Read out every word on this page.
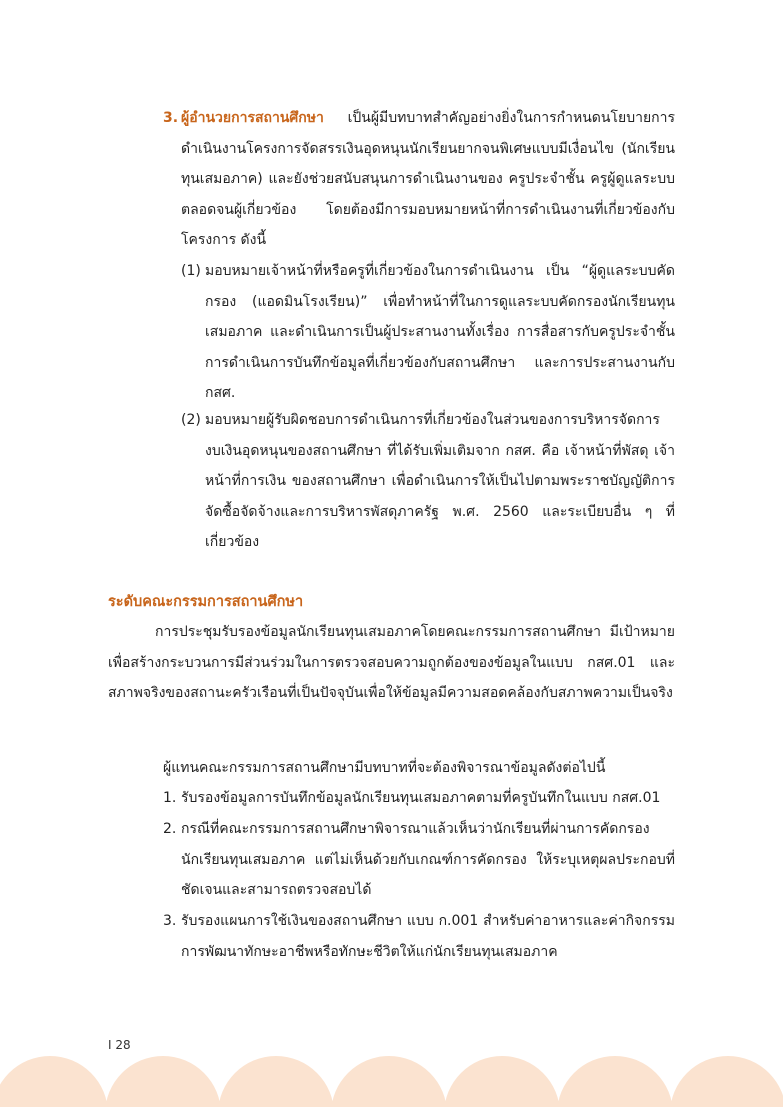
3. ผู้อำนวยการสถานศึกษา เป็นผู้มีบทบาทสำคัญอย่างยิ่งในการกำหนดนโยบายการดำเนินงานโครงการจัดสรรเงินอุดหนุนนักเรียนยากจนพิเศษแบบมีเงื่อนไข (นักเรียนทุนเสมอภาค) และยังช่วยสนับสนุนการดำเนินงานของ ครูประจำชั้น ครูผู้ดูแลระบบตลอดจนผู้เกี่ยวข้อง โดยต้องมีการมอบหมายหน้าที่การดำเนินงานที่เกี่ยวข้องกับโครงการ ดังนี้

(1) มอบหมายเจ้าหน้าที่หรือครูที่เกี่ยวข้องในการดำเนินงาน เป็น “ผู้ดูแลระบบคัดกรอง (แอดมินโรงเรียน)” เพื่อทำหน้าที่ในการดูแลระบบคัดกรองนักเรียนทุนเสมอภาค และดำเนินการเป็นผู้ประสานงานทั้งเรื่อง การสื่อสารกับครูประจำชั้น การดำเนินการบันทึกข้อมูลที่เกี่ยวข้องกับสถานศึกษา และการประสานงานกับ กสศ.

(2) มอบหมายผู้รับผิดชอบการดำเนินการที่เกี่ยวข้องในส่วนของการบริหารจัดการงบเงินอุดหนุนของสถานศึกษา ที่ได้รับเพิ่มเติมจาก กสศ. คือ เจ้าหน้าที่พัสดุ เจ้าหน้าที่การเงิน ของสถานศึกษา เพื่อดำเนินการให้เป็นไปตามพระราชบัญญัติการจัดซื้อจัดจ้างและการบริหารพัสดุภาครัฐ พ.ศ. 2560 และระเบียบอื่น ๆ ที่เกี่ยวข้อง

ระดับคณะกรรมการสถานศึกษา

การประชุมรับรองข้อมูลนักเรียนทุนเสมอภาคโดยคณะกรรมการสถานศึกษา มีเป้าหมายเพื่อสร้างกระบวนการมีส่วนร่วมในการตรวจสอบความถูกต้องของข้อมูลในแบบ กสศ.01 และสภาพจริงของสถานะครัวเรือนที่เป็นปัจจุบันเพื่อให้ข้อมูลมีความสอดคล้องกับสภาพความเป็นจริง

ผู้แทนคณะกรรมการสถานศึกษามีบทบาทที่จะต้องพิจารณาข้อมูลดังต่อไปนี้

1. รับรองข้อมูลการบันทึกข้อมูลนักเรียนทุนเสมอภาคตามที่ครูบันทึกในแบบ กสศ.01

2. กรณีที่คณะกรรมการสถานศึกษาพิจารณาแล้วเห็นว่านักเรียนที่ผ่านการคัดกรองนักเรียนทุนเสมอภาค แต่ไม่เห็นด้วยกับเกณฑ์การคัดกรอง ให้ระบุเหตุผลประกอบที่ชัดเจนและสามารถตรวจสอบได้

3. รับรองแผนการใช้เงินของสถานศึกษา แบบ ก.001 สำหรับค่าอาหารและค่ากิจกรรมการพัฒนาทักษะอาชีพหรือทักษะชีวิตให้แก่นักเรียนทุนเสมอภาค

I 28
